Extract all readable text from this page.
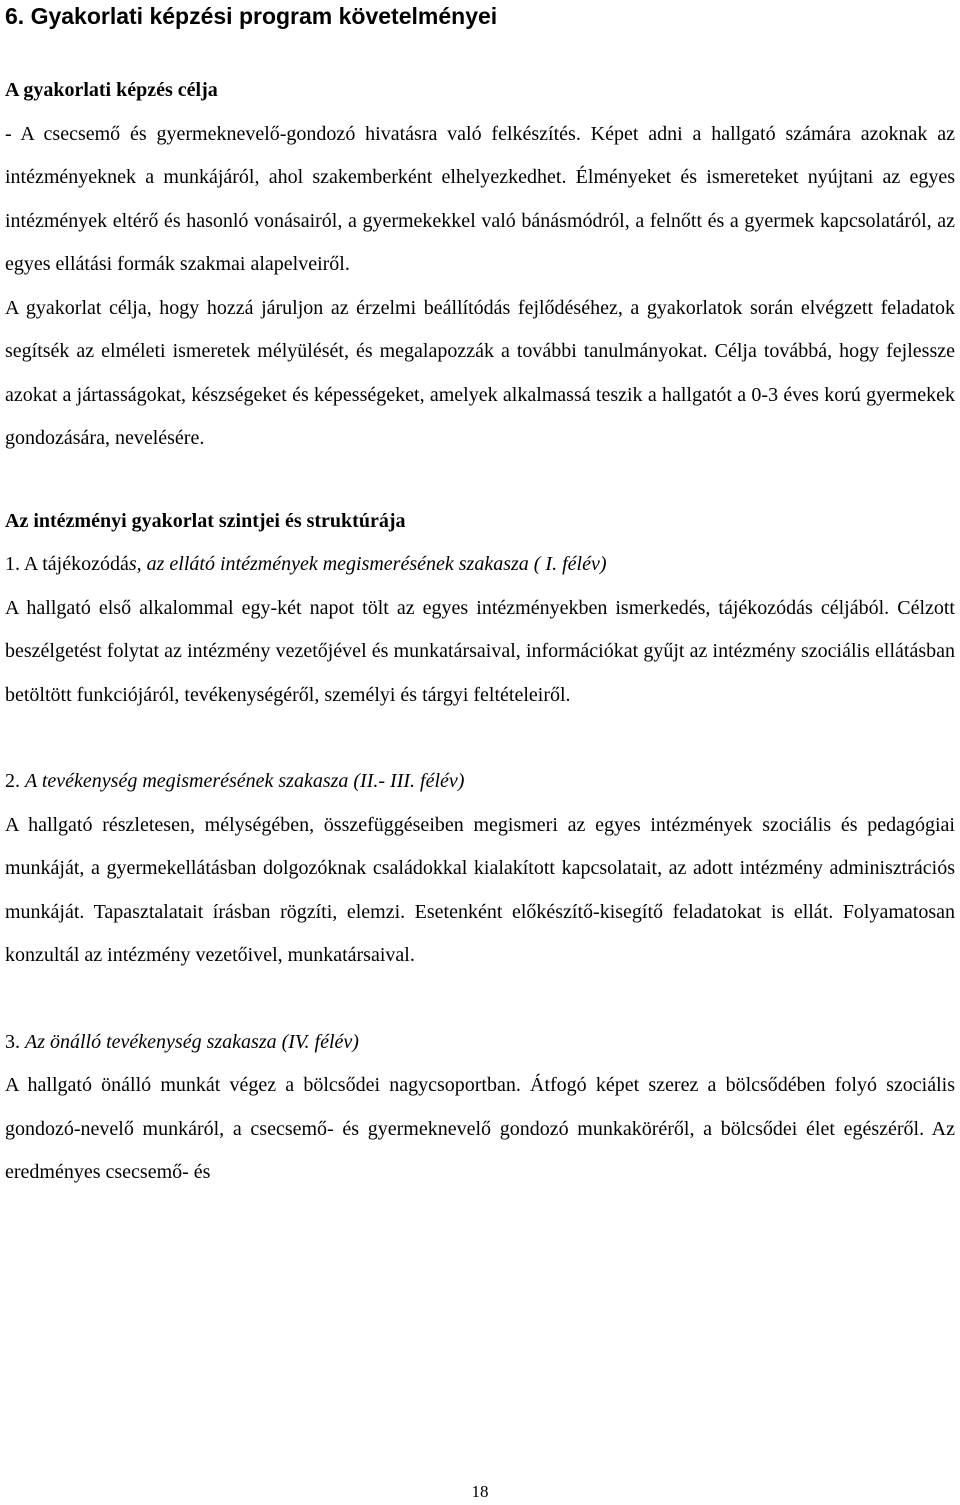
6. Gyakorlati képzési program követelményei
A gyakorlati képzés célja

- A csecsemő és gyermeknevelő-gondozó hivatásra való felkészítés. Képet adni a hallgató számára azoknak az intézményeknek a munkájáról, ahol szakemberként elhelyezkedhet. Élményeket és ismereteket nyújtani az egyes intézmények eltérő és hasonló vonásairól, a gyermekekkel való bánásmódról, a felnőtt és a gyermek kapcsolatáról, az egyes ellátási formák szakmai alapelveiről.

A gyakorlat célja, hogy hozzá járuljon az érzelmi beállítódás fejlődéséhez, a gyakorlatok során elvégzett feladatok segítsék az elméleti ismeretek mélyülését, és megalapozzák a további tanulmányokat. Célja továbbá, hogy fejlessze azokat a jártasságokat, készségeket és képességeket, amelyek alkalmassá teszik a hallgatót a 0-3 éves korú gyermekek gondozására, nevelésére.

Az intézményi gyakorlat szintjei és struktúrája

1. A tájékozódás, az ellátó intézmények megismerésének szakasza ( I. félév)

A hallgató első alkalommal egy-két napot tölt az egyes intézményekben ismerkedés, tájékozódás céljából. Célzott beszélgetést folytat az intézmény vezetőjével és munkatársaival, információkat gyűjt az intézmény szociális ellátásban betöltött funkciójáról, tevékenységéről, személyi és tárgyi feltételeiről.

2. A tevékenység megismerésének szakasza (II.- III. félév)

A hallgató részletesen, mélységében, összefüggéseiben megismeri az egyes intézmények szociális és pedagógiai munkáját, a gyermekellátásban dolgozóknak családokkal kialakított kapcsolatait, az adott intézmény adminisztrációs munkáját. Tapasztalatait írásban rögzíti, elemzi. Esetenként előkészítő-kisegítő feladatokat is ellát. Folyamatosan konzultál az intézmény vezetőivel, munkatársaival.

3. Az önálló tevékenység szakasza (IV. félév)

A hallgató önálló munkát végez a bölcsődei nagycsoportban. Átfogó képet szerez a bölcsődében folyó szociális gondozó-nevelő munkáról, a csecsemő- és gyermeknevelő gondozó munkaköréről, a bölcsődei élet egészéről. Az eredményes csecsemő- és

18
